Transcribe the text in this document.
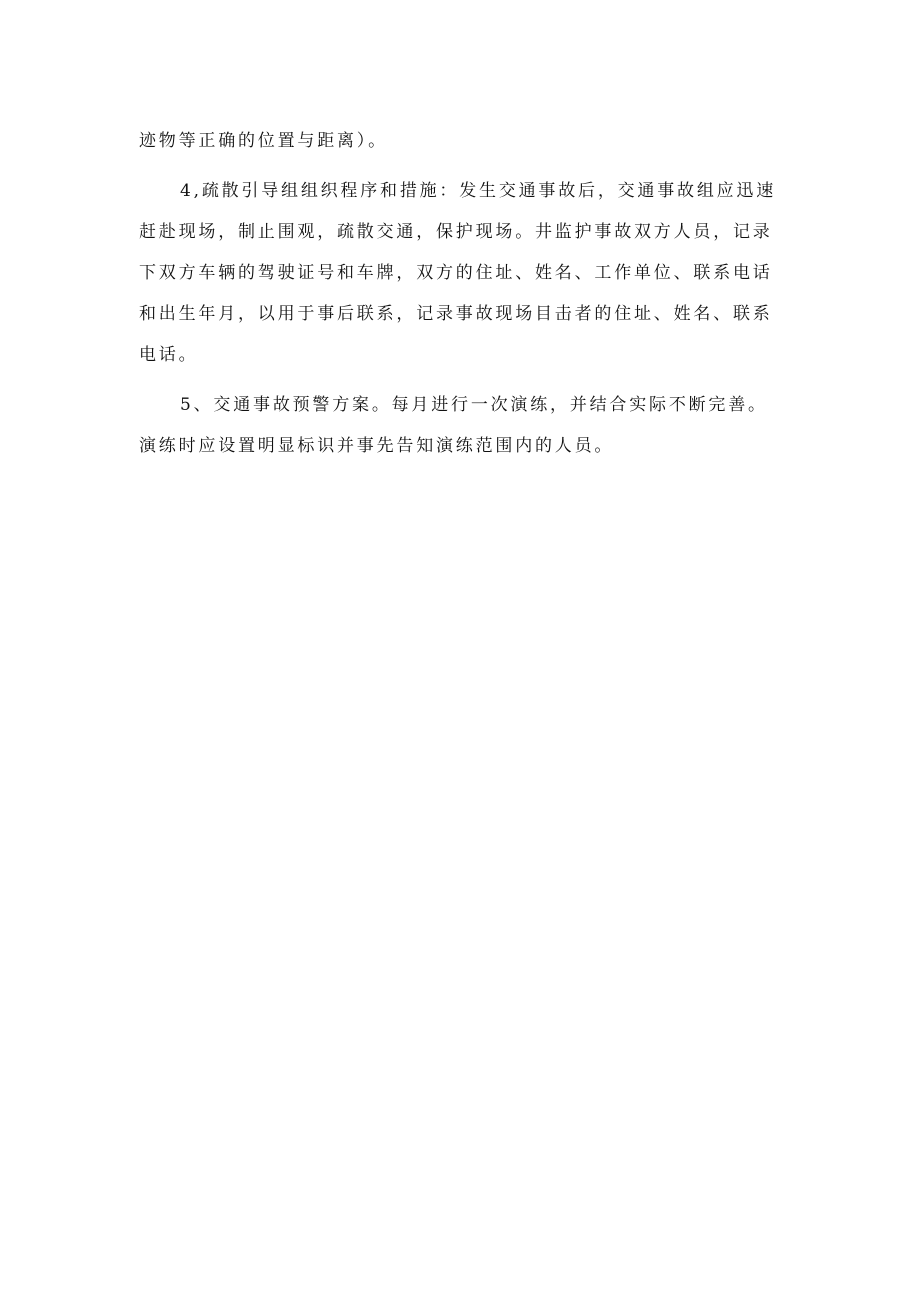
迹物等正确的位置与距离）。
4,疏散引导组组织程序和措施：发生交通事故后，交通事故组应迅速
赶赴现场，制止围观，疏散交通，保护现场。井监护事故双方人员，记录
下双方车辆的驾驶证号和车牌，双方的住址、姓名、工作单位、联系电话
和出生年月，以用于事后联系，记录事故现场目击者的住址、姓名、联系
电话。
5、交通事故预警方案。每月进行一次演练，并结合实际不断完善。
演练时应设置明显标识并事先告知演练范围内的人员。
